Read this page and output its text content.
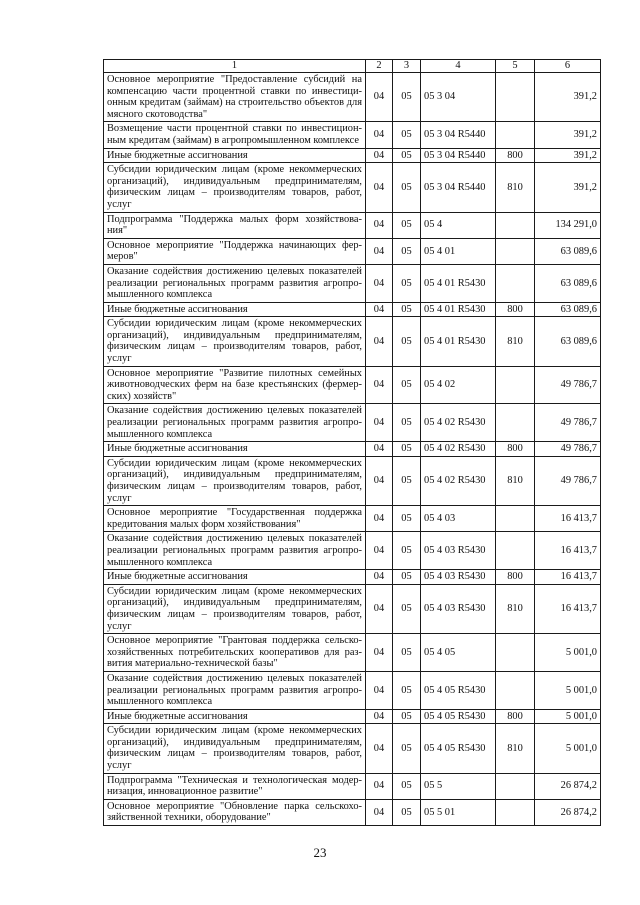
1	2	3	4	5	6
Основное мероприятие "Предоставление субсидий на компенсацию части процентной ставки по инвестици-онным кредитам (займам) на строительство объектов для мясного скотоводства"	04	05	05 3 04		391,2
Возмещение части процентной ставки по инвестицион-ным кредитам (займам) в агропромышленном комплексе	04	05	05 3 04 R5440		391,2
Иные бюджетные ассигнования	04	05	05 3 04 R5440	800	391,2
Субсидии юридическим лицам (кроме некоммерческих организаций), индивидуальным предпринимателям, физическим лицам – производителям товаров, работ, услуг	04	05	05 3 04 R5440	810	391,2
Подпрограмма "Поддержка малых форм хозяйствова-ния"	04	05	05 4		134 291,0
Основное мероприятие "Поддержка начинающих фер-меров"	04	05	05 4 01		63 089,6
Оказание содействия достижению целевых показателей реализации региональных программ развития агропро-мышленного комплекса	04	05	05 4 01 R5430		63 089,6
Иные бюджетные ассигнования	04	05	05 4 01 R5430	800	63 089,6
Субсидии юридическим лицам (кроме некоммерческих организаций), индивидуальным предпринимателям, физическим лицам – производителям товаров, работ, услуг	04	05	05 4 01 R5430	810	63 089,6
Основное мероприятие "Развитие пилотных семейных животноводческих ферм на базе крестьянских (фермер-ских) хозяйств"	04	05	05 4 02		49 786,7
Оказание содействия достижению целевых показателей реализации региональных программ развития агропро-мышленного комплекса	04	05	05 4 02 R5430		49 786,7
Иные бюджетные ассигнования	04	05	05 4 02 R5430	800	49 786,7
Субсидии юридическим лицам (кроме некоммерческих организаций), индивидуальным предпринимателям, физическим лицам – производителям товаров, работ, услуг	04	05	05 4 02 R5430	810	49 786,7
Основное мероприятие "Государственная поддержка кредитования малых форм хозяйствования"	04	05	05 4 03		16 413,7
Оказание содействия достижению целевых показателей реализации региональных программ развития агропро-мышленного комплекса	04	05	05 4 03 R5430		16 413,7
Иные бюджетные ассигнования	04	05	05 4 03 R5430	800	16 413,7
Субсидии юридическим лицам (кроме некоммерческих организаций), индивидуальным предпринимателям, физическим лицам – производителям товаров, работ, услуг	04	05	05 4 03 R5430	810	16 413,7
Основное мероприятие "Грантовая поддержка сельско-хозяйственных потребительских кооперативов для раз-вития материально-технической базы"	04	05	05 4 05		5 001,0
Оказание содействия достижению целевых показателей реализации региональных программ развития агропро-мышленного комплекса	04	05	05 4 05 R5430		5 001,0
Иные бюджетные ассигнования	04	05	05 4 05 R5430	800	5 001,0
Субсидии юридическим лицам (кроме некоммерческих организаций), индивидуальным предпринимателям, физическим лицам – производителям товаров, работ, услуг	04	05	05 4 05 R5430	810	5 001,0
Подпрограмма "Техническая и технологическая модер-низация, инновационное развитие"	04	05	05 5		26 874,2
Основное мероприятие "Обновление парка сельскохо-зяйственной техники, оборудование"	04	05	05 5 01		26 874,2
23
